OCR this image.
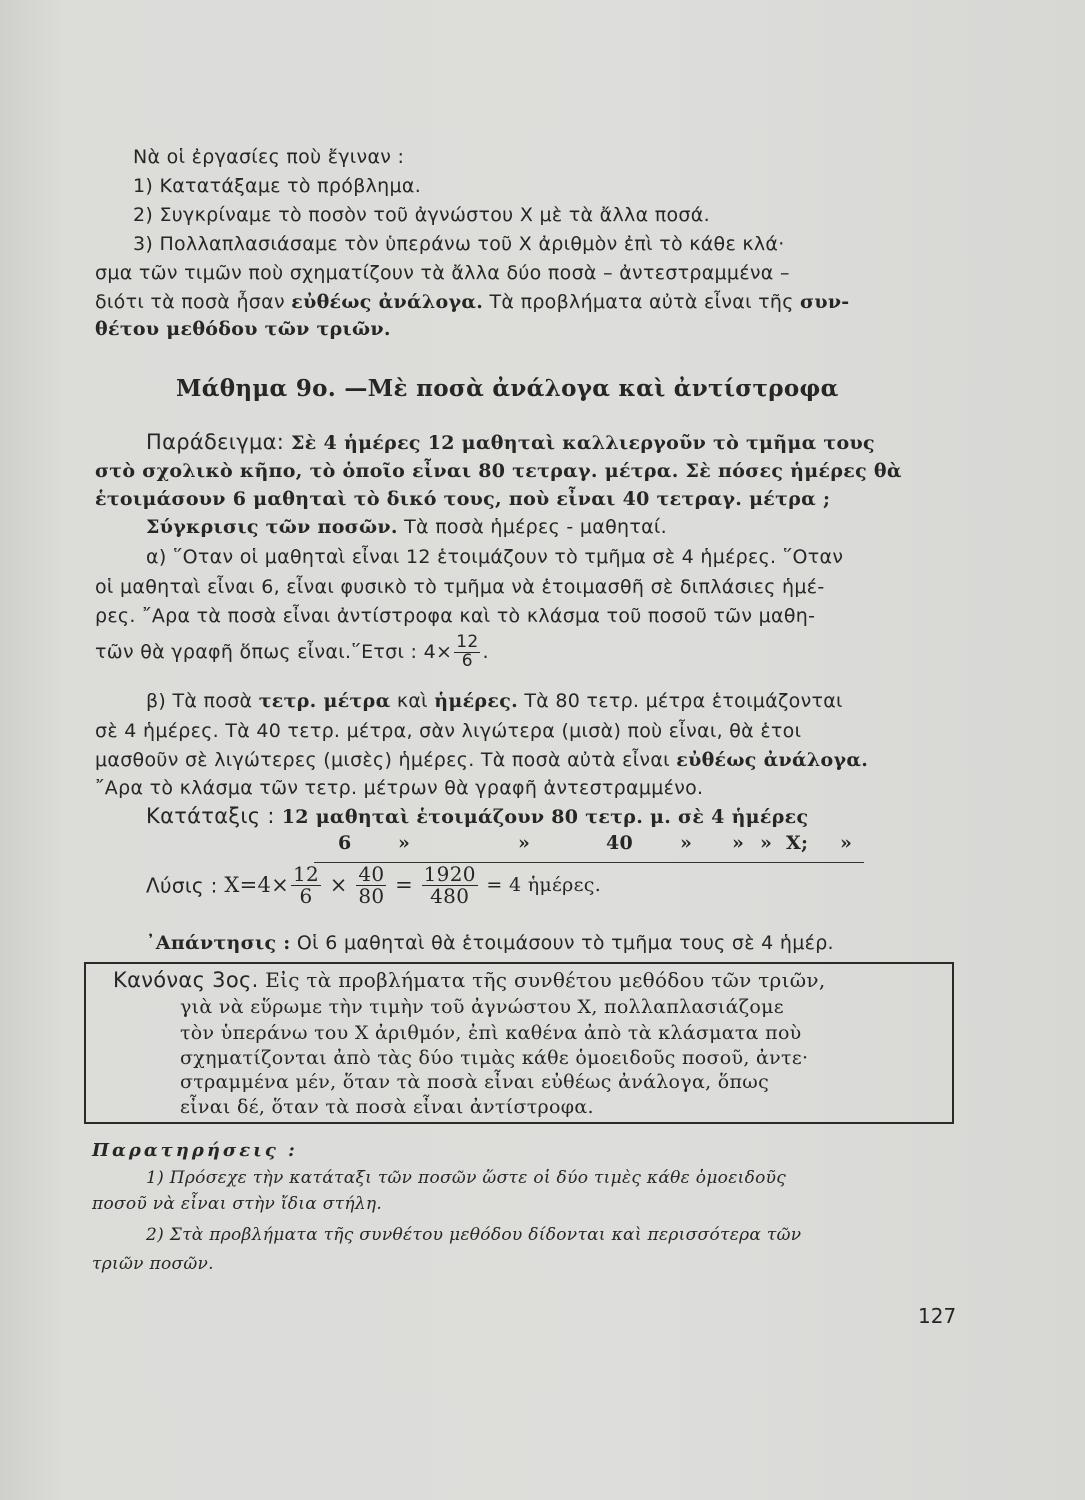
Νὰ οἱ ἐργασίες ποὺ ἔγιναν :
1) Κατατάξαμε τὸ πρόβλημα.
2) Συγκρίναμε τὸ ποσὸν τοῦ ἀγνώστου Χ μὲ τὰ ἄλλα ποσά.
3) Πολλαπλασιάσαμε τὸν ὑπεράνω τοῦ Χ ἀριθμὸν ἐπὶ τὸ κάθε κλά·
σμα τῶν τιμῶν ποὺ σχηματίζουν τὰ ἄλλα δύο ποσὰ – ἀντεστραμμένα –
διότι τὰ ποσὰ ἦσαν εὐθέως ἀνάλογα. Τὰ προβλήματα αὐτὰ εἶναι τῆς συν-
θέτου μεθόδου τῶν τριῶν.
Μάθημα 9ο. —Μὲ ποσὰ ἀνάλογα καὶ ἀντίστροφα
Παράδειγμα: Σὲ 4 ἡμέρες 12 μαθηταὶ καλλιεργοῦν τὸ τμῆμα τους
στὸ σχολικὸ κῆπο, τὸ ὁποῖο εἶναι 80 τετραγ. μέτρα. Σὲ πόσες ἡμέρες θὰ
ἑτοιμάσουν 6 μαθηταὶ τὸ δικό τους, ποὺ εἶναι 40 τετραγ. μέτρα ;
Σύγκρισις τῶν ποσῶν. Τὰ ποσὰ ἡμέρες - μαθηταί.
α) ῞Οταν οἱ μαθηταὶ εἶναι 12 ἑτοιμάζουν τὸ τμῆμα σὲ 4 ἡμέρες. ῞Οταν
οἱ μαθηταὶ εἶναι 6, εἶναι φυσικὸ τὸ τμῆμα νὰ ἑτοιμασθῆ σὲ διπλάσιες ἡμέ-
ρες. ῎Αρα τὰ ποσὰ εἶναι ἀντίστροφα καὶ τὸ κλάσμα τοῦ ποσοῦ τῶν μαθη-
τῶν θὰ γραφῆ ὅπως εἶναι.῞Ετσι : $4\times \frac{12}{6}$ .
β) Τὰ ποσὰ τετρ. μέτρα καὶ ἡμέρες. Τὰ 80 τετρ. μέτρα ἑτοιμάζονται
σὲ 4 ἡμέρες. Τὰ 40 τετρ. μέτρα, σὰν λιγώτερα (μισὰ) ποὺ εἶναι, θὰ ἑτοι
μασθοῦν σὲ λιγώτερες (μισὲς) ἡμέρες. Τὰ ποσὰ αὐτὰ εἶναι εὐθέως ἀνάλογα.
῎Αρα τὸ κλάσμα τῶν τετρ. μέτρων θὰ γραφῆ ἀντεστραμμένο.
Κατάταξις : 12 μαθηταὶ ἑτοιμάζουν 80 τετρ. μ. σὲ 4 ἡμέρες
6 »	»	40 » » » Χ; »
Λύσις : $X=4\times \frac{12}{6} \times \frac{40}{80} = \frac{1920}{480} = 4$ ἡμέρες.
᾿Απάντησις : Οἱ 6 μαθηταὶ θὰ ἑτοιμάσουν τὸ τμῆμα τους σὲ 4 ἡμέρ.
Κανόνας 3ος. Εἰς τὰ προβλήματα τῆς συνθέτου μεθόδου τῶν τριῶν,
γιὰ νὰ εὕρωμε τὴν τιμὴν τοῦ ἀγνώστου Χ, πολλαπλασιάζομε
τὸν ὑπεράνω του Χ ἀριθμόν, ἐπὶ καθένα ἀπὸ τὰ κλάσματα ποὺ
σχηματίζονται ἀπὸ τὰς δύο τιμὰς κάθε ὁμοειδοῦς ποσοῦ, ἀντε·
στραμμένα μέν, ὅταν τὰ ποσὰ εἶναι εὐθέως ἀνάλογα, ὅπως
εἶναι δέ, ὅταν τὰ ποσὰ εἶναι ἀντίστροφα.
Παρατηρήσεις :
1) Πρόσεχε τὴν κατάταξι τῶν ποσῶν ὥστε οἱ δύο τιμὲς κάθε ὁμοειδοῦς
ποσοῦ νὰ εἶναι στὴν ἴδια στήλη.
2) Στὰ προβλήματα τῆς συνθέτου μεθόδου δίδονται καὶ περισσότερα τῶν
τριῶν ποσῶν.
127
